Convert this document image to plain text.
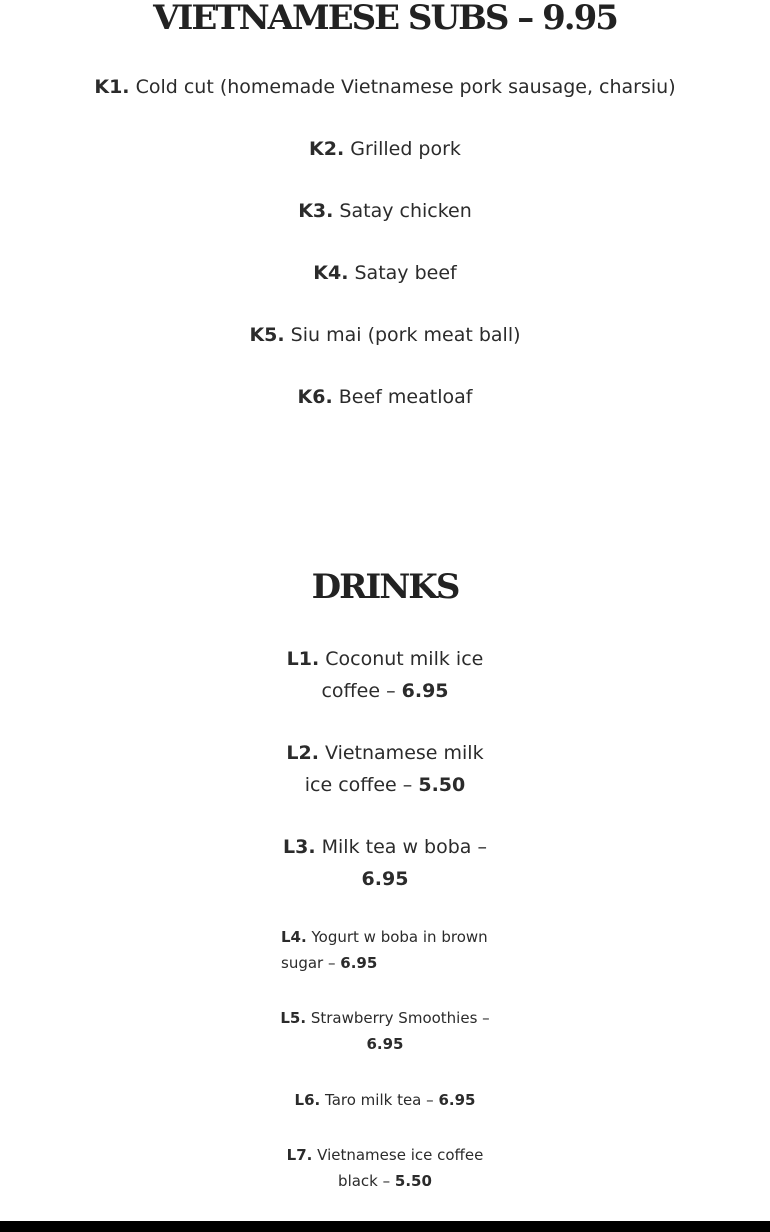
VIETNAMESE SUBS – 9.95
K1. Cold cut (homemade Vietnamese pork sausage, charsiu)
K2. Grilled pork
K3. Satay chicken
K4. Satay beef
K5. Siu mai (pork meat ball)
K6. Beef meatloaf
DRINKS
L1. Coconut milk ice
coffee – 6.95
L2. Vietnamese milk
ice coffee – 5.50
L3. Milk tea w boba –
6.95
L4. Yogurt w boba in brown
sugar – 6.95
L5. Strawberry Smoothies –
6.95
L6. Taro milk tea – 6.95
L7. Vietnamese ice coffee
black – 5.50
